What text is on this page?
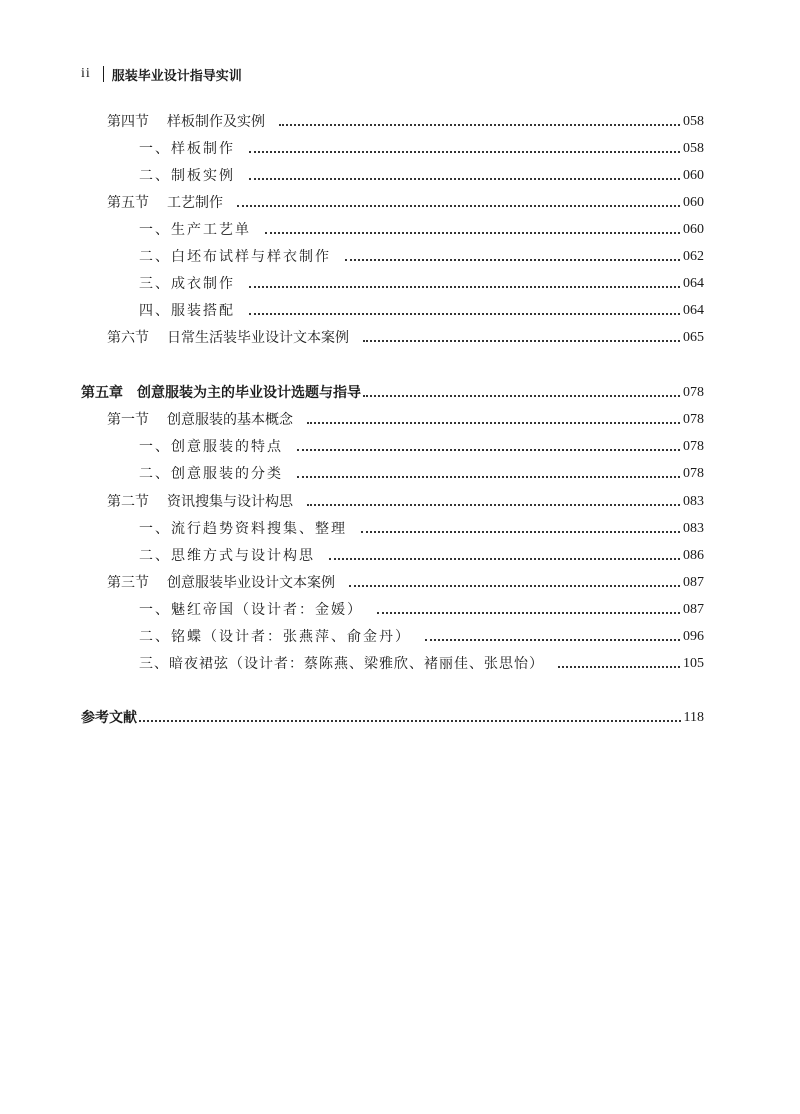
ii 服装毕业设计指导实训
第四节 样板制作及实例	058
一、样板制作	058
二、制板实例	060
第五节 工艺制作	060
一、生产工艺单	060
二、白坯布试样与样衣制作	062
三、成衣制作	064
四、服装搭配	064
第六节 日常生活装毕业设计文本案例	065
第五章　创意服装为主的毕业设计选题与指导	078
第一节 创意服装的基本概念	078
一、创意服装的特点	078
二、创意服装的分类	078
第二节 资讯搜集与设计构思	083
一、流行趋势资料搜集、整理	083
二、思维方式与设计构思	086
第三节 创意服装毕业设计文本案例	087
一、魅红帝国（设计者：金媛）	087
二、铭蝶（设计者：张燕萍、俞金丹）	096
三、暗夜裙弦（设计者：蔡陈燕、梁雅欣、褚丽佳、张思怡）	105
参考文献	118
